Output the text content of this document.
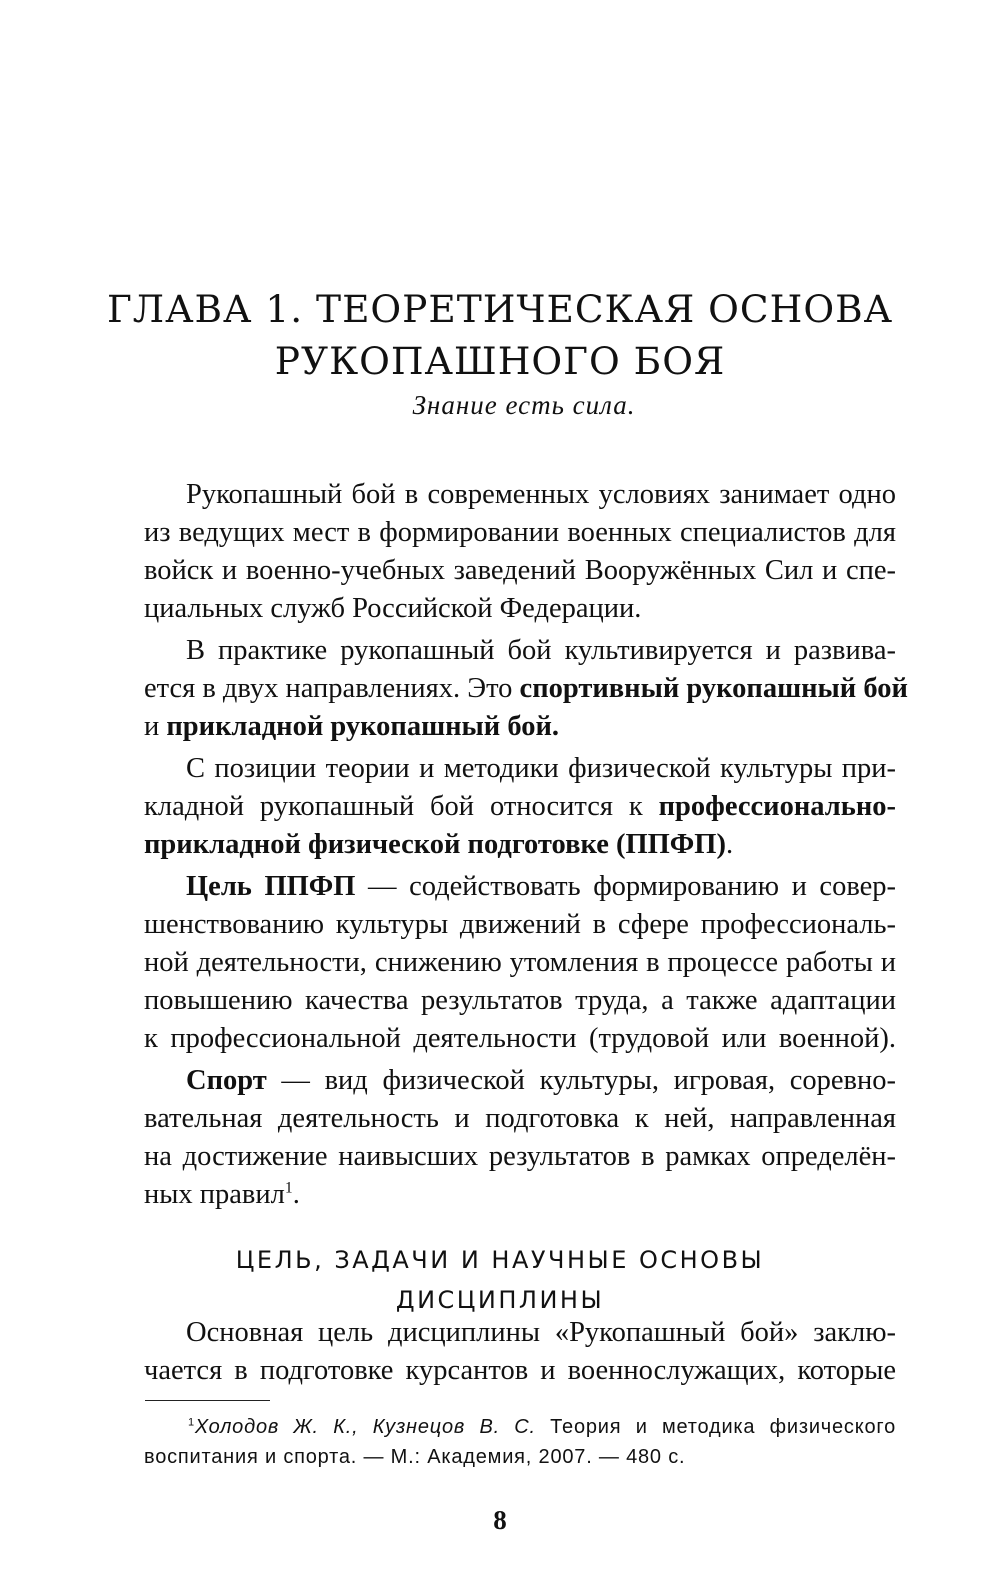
ГЛАВА 1. ТЕОРЕТИЧЕСКАЯ ОСНОВА
РУКОПАШНОГО БОЯ
Знание есть сила.
Рукопашный бой в современных условиях занимает одно
из ведущих мест в формировании военных специалистов для
войск и военно-учебных заведений Вооружённых Сил и спе-
циальных служб Российской Федерации.
В практике рукопашный бой культивируется и развива-
ется в двух направлениях. Это спортивный рукопашный бой
и прикладной рукопашный бой.
С позиции теории и методики физической культуры при-
кладной рукопашный бой относится к профессионально-
прикладной физической подготовке (ППФП).
Цель ППФП — содействовать формированию и совер-
шенствованию культуры движений в сфере профессиональ-
ной деятельности, снижению утомления в процессе работы и
повышению качества результатов труда, а также адаптации
к профессиональной деятельности (трудовой или военной).
Спорт — вид физической культуры, игровая, соревно-
вательная деятельность и подготовка к ней, направленная
на достижение наивысших результатов в рамках определён-
ных правил$^1$.
ЦЕЛЬ, ЗАДАЧИ И НАУЧНЫЕ ОСНОВЫ
ДИСЦИПЛИНЫ
Основная цель дисциплины «Рукопашный бой» заклю-
чается в подготовке курсантов и военнослужащих, которые
$^1$Холодов Ж. К., Кузнецов В. С. Теория и методика физического
воспитания и спорта. — М.: Академия, 2007. — 480 с.
8
